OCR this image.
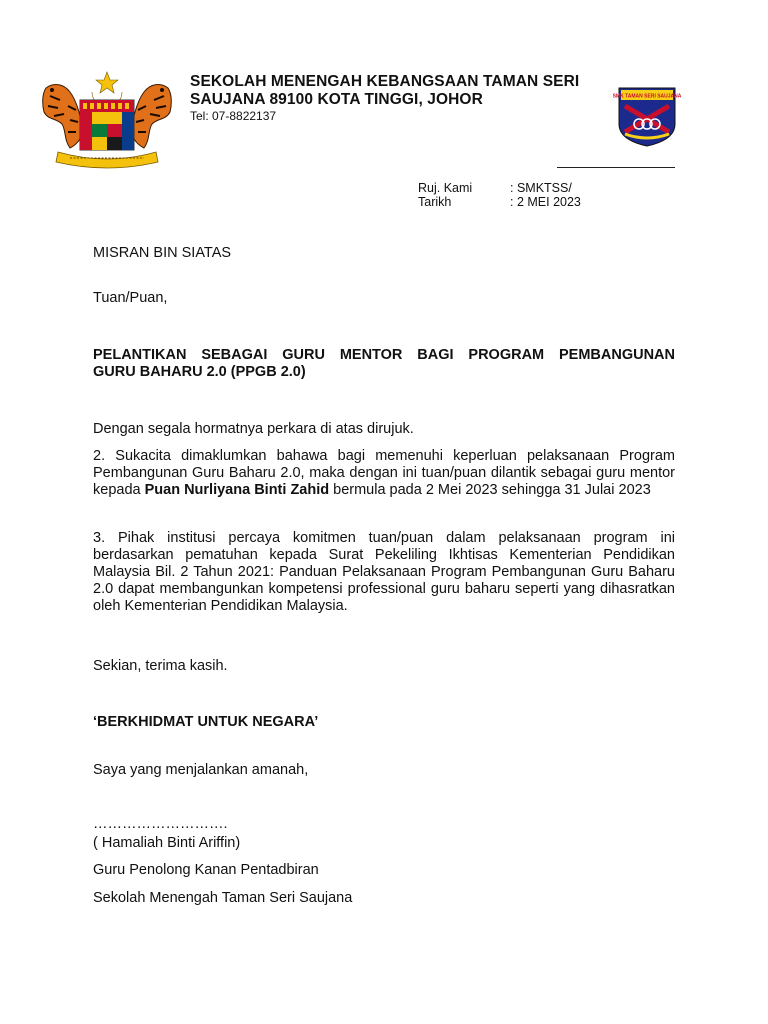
SEKOLAH MENENGAH KEBANGSAAN TAMAN SERI
SAUJANA 89100 KOTA TINGGI, JOHOR
Tel: 07-8822137
SMK TAMAN SERI SAUJANA
Ruj. Kami	: SMKTSS/
Tarikh	: 2 MEI 2023
MISRAN BIN SIATAS
Tuan/Puan,
PELANTIKAN SEBAGAI GURU MENTOR BAGI PROGRAM PEMBANGUNAN
GURU BAHARU 2.0 (PPGB 2.0)
Dengan segala hormatnya perkara di atas dirujuk.
2. Sukacita dimaklumkan bahawa bagi memenuhi keperluan pelaksanaan Program Pembangunan Guru Baharu 2.0, maka dengan ini tuan/puan dilantik sebagai guru mentor kepada Puan Nurliyana Binti Zahid bermula pada 2 Mei 2023 sehingga 31 Julai 2023
3. Pihak institusi percaya komitmen tuan/puan dalam pelaksanaan program ini berdasarkan pematuhan kepada Surat Pekeliling Ikhtisas Kementerian Pendidikan Malaysia Bil. 2 Tahun 2021: Panduan Pelaksanaan Program Pembangunan Guru Baharu 2.0 dapat membangunkan kompetensi professional guru baharu seperti yang dihasratkan oleh Kementerian Pendidikan Malaysia.
Sekian, terima kasih.
‘BERKHIDMAT UNTUK NEGARA’
Saya yang menjalankan amanah,
……………………….
( Hamaliah Binti Ariffin)
Guru Penolong Kanan Pentadbiran
Sekolah Menengah Taman Seri Saujana
